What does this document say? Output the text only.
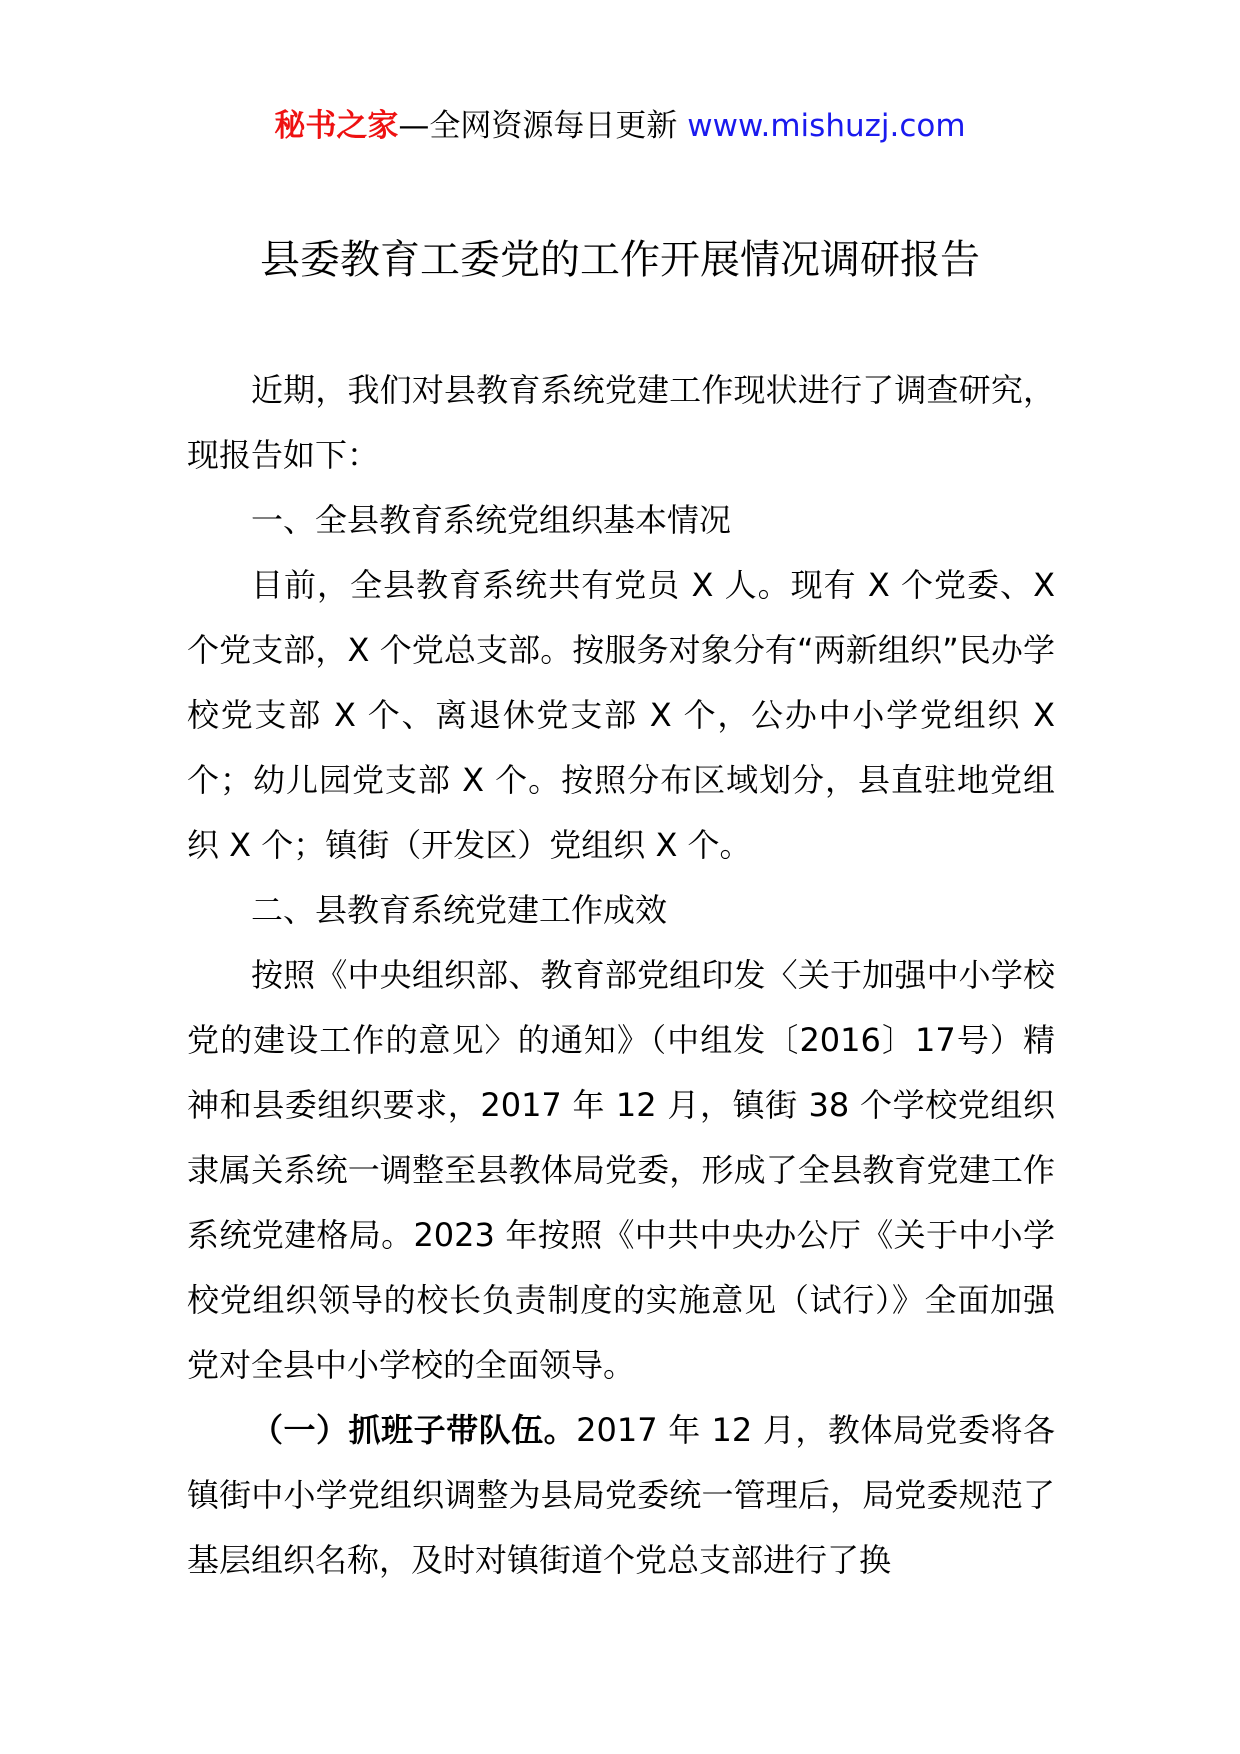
秘书之家—全网资源每日更新 www.mishuzj.com
县委教育工委党的工作开展情况调研报告

近期，我们对县教育系统党建工作现状进行了调查研究，现报告如下：

一、全县教育系统党组织基本情况

目前，全县教育系统共有党员 X 人。现有 X 个党委、X 个党支部，X 个党总支部。按服务对象分有“两新组织”民办学校党支部 X 个、离退休党支部 X 个，公办中小学党组织 X 个；幼儿园党支部 X 个。按照分布区域划分，县直驻地党组织 X 个；镇街（开发区）党组织 X 个。

二、县教育系统党建工作成效

按照《中央组织部、教育部党组印发〈关于加强中小学校党的建设工作的意见〉的通知》（中组发〔2016〕17号）精神和县委组织要求，2017 年 12 月，镇街 38 个学校党组织隶属关系统一调整至县教体局党委，形成了全县教育党建工作系统党建格局。2023 年按照《中共中央办公厅《关于中小学校党组织领导的校长负责制度的实施意见（试行）》全面加强党对全县中小学校的全面领导。

（一）抓班子带队伍。2017 年 12 月，教体局党委将各镇街中小学党组织调整为县局党委统一管理后，局党委规范了基层组织名称，及时对镇街道个党总支部进行了换
